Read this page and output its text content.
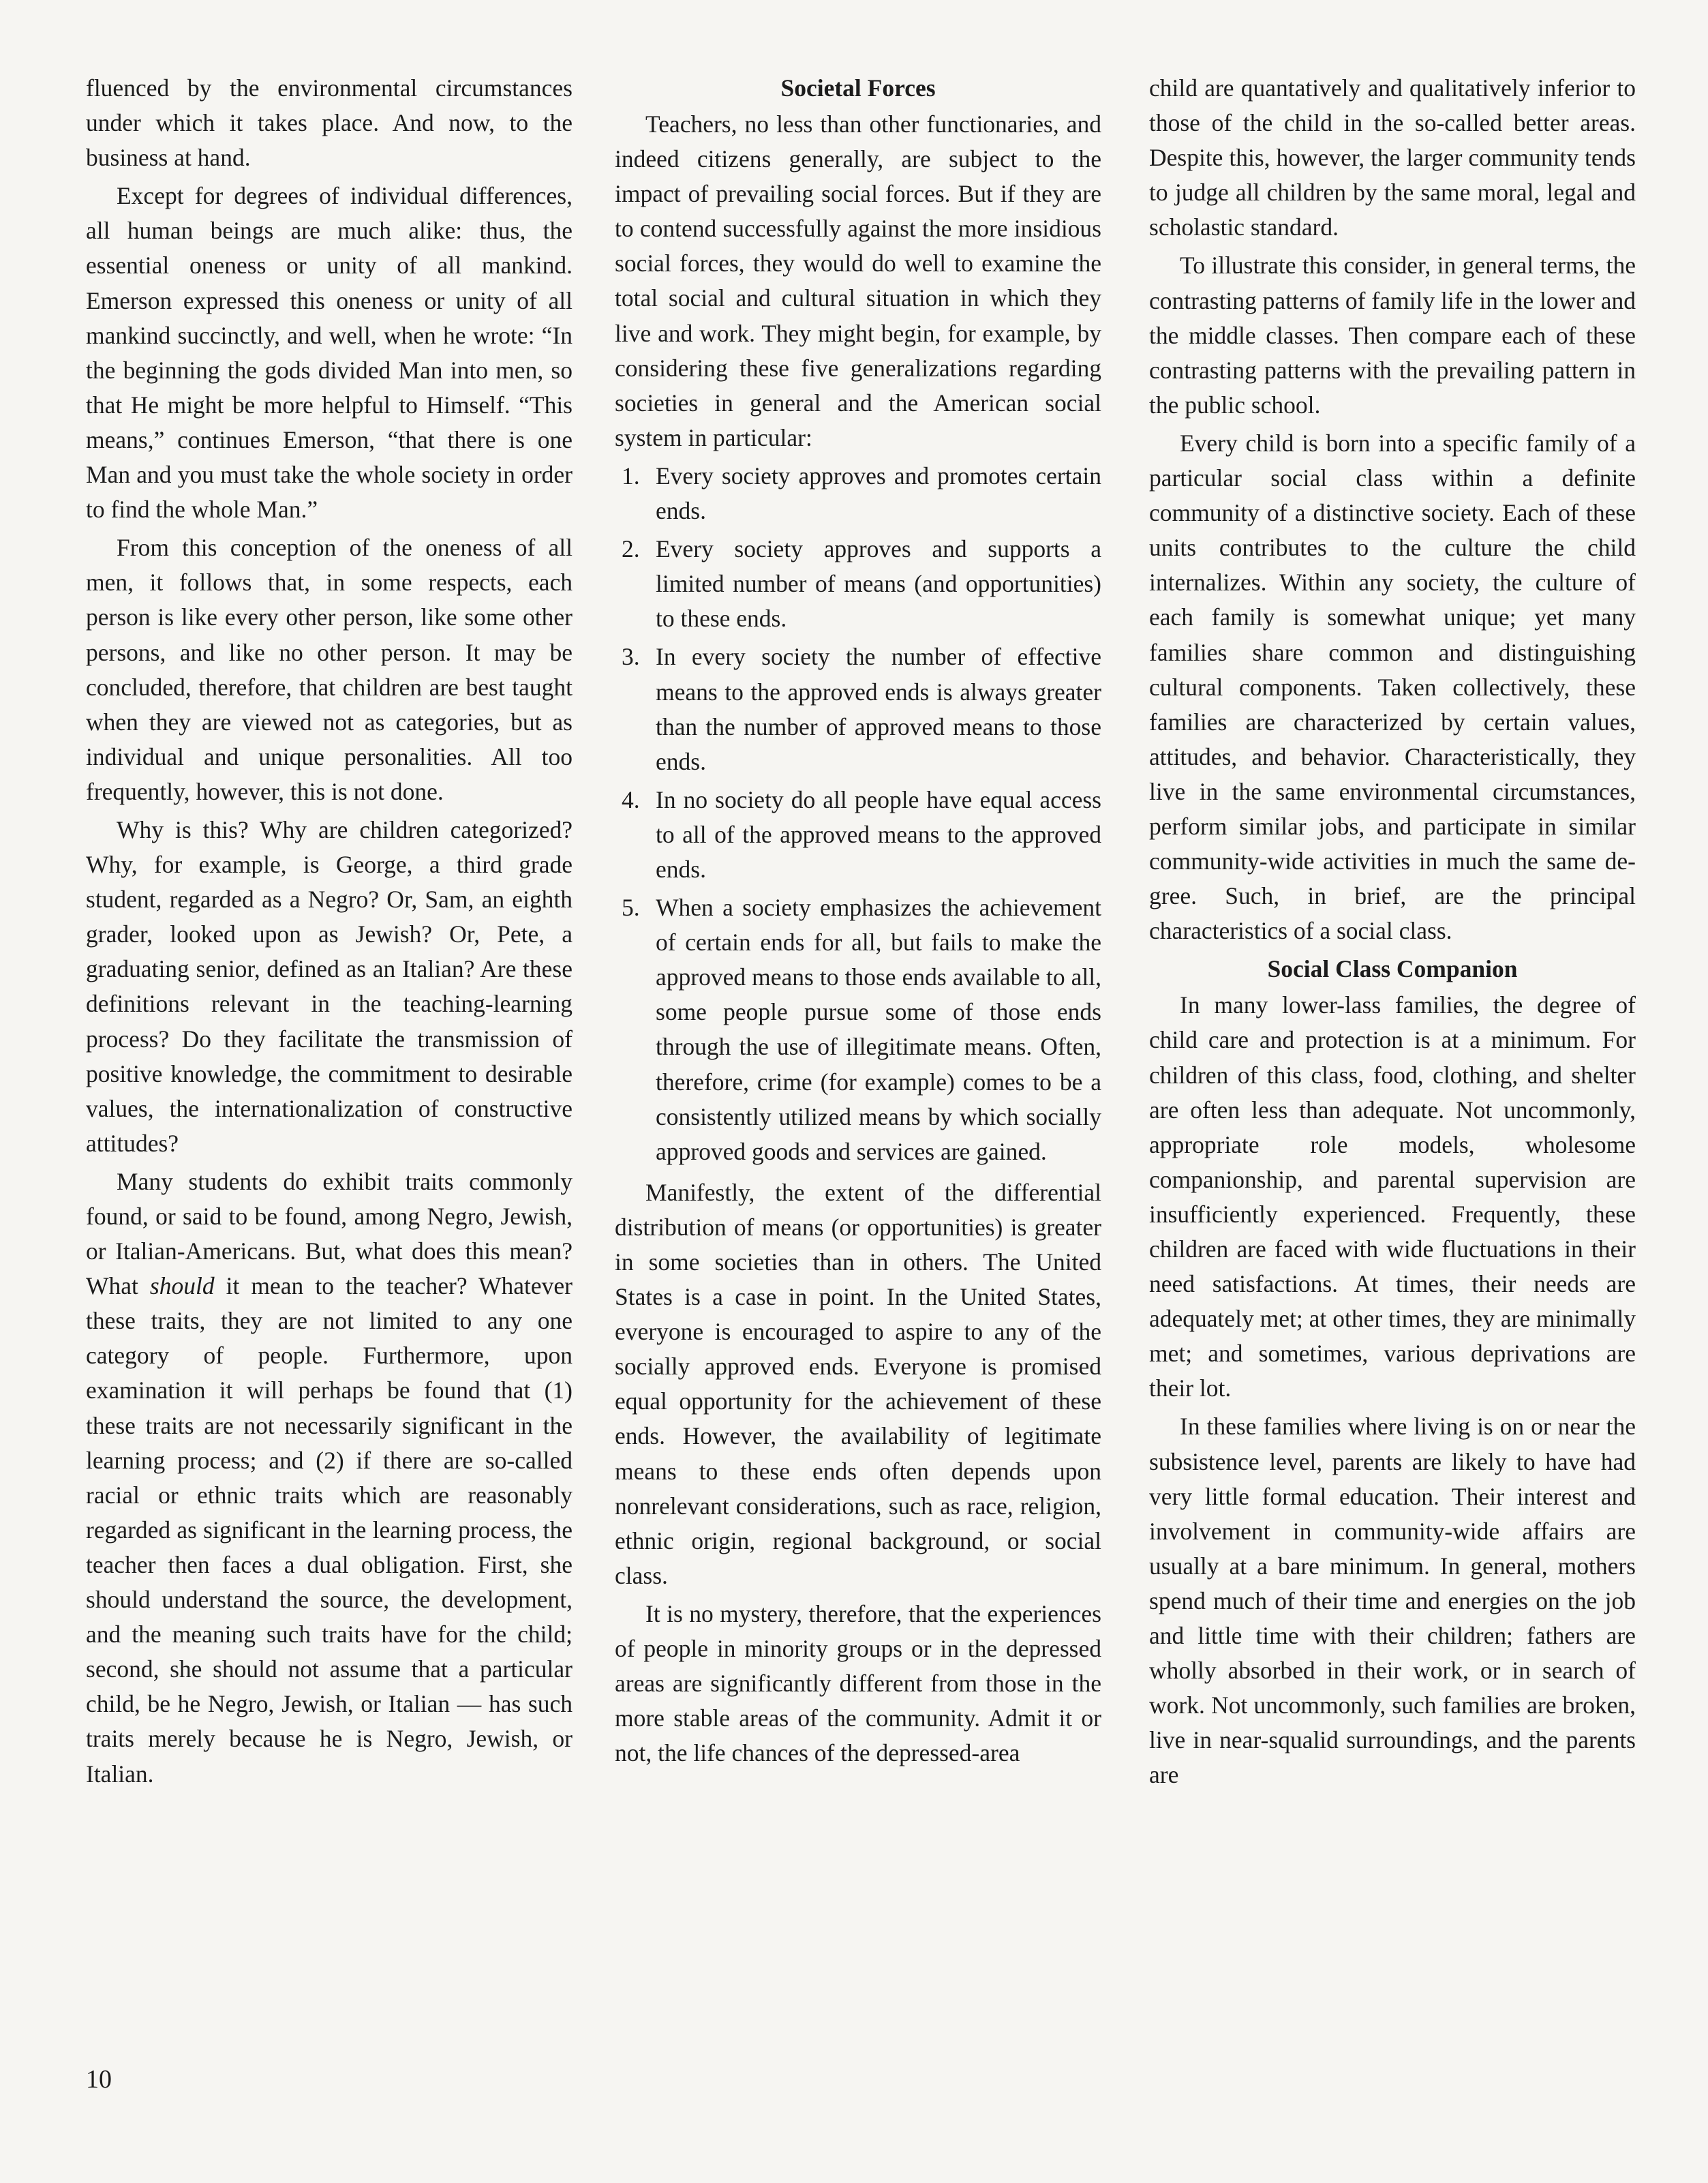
fluenced by the environmental circumstances under which it takes place. And now, to the business at hand.

Except for degrees of individual differences, all human beings are much alike: thus, the essential oneness or unity of all mankind. Emerson expressed this oneness or unity of all mankind succinctly, and well, when he wrote: “In the beginning the gods divided Man into men, so that He might be more helpful to Himself. “This means,” continues Emerson, “that there is one Man and you must take the whole society in order to find the whole Man.”

From this conception of the oneness of all men, it follows that, in some respects, each person is like every other person, like some other persons, and like no other person. It may be concluded, therefore, that children are best taught when they are viewed not as categories, but as individual and unique personalities. All too frequently, however, this is not done.

Why is this? Why are children categorized? Why, for example, is George, a third grade student, regarded as a Negro? Or, Sam, an eighth grader, looked upon as Jewish? Or, Pete, a graduating senior, defined as an Italian? Are these definitions relevant in the teaching-learning process? Do they facilitate the transmission of positive knowledge, the commitment to desirable values, the internationalization of constructive attitudes?

Many students do exhibit traits commonly found, or said to be found, among Negro, Jewish, or Italian-Americans. But, what does this mean? What should it mean to the teacher? Whatever these traits, they are not limited to any one category of people. Furthermore, upon examination it will perhaps be found that (1) these traits are not necessarily significant in the learning process; and (2) if there are so-called racial or ethnic traits which are reasonably regarded as significant in the learning process, the teacher then faces a dual obligation. First, she should understand the source, the development, and the meaning such traits have for the child; second, she should not assume that a particular child, be he Negro, Jewish, or Italian — has such traits merely because he is Negro, Jewish, or Italian.

Societal Forces

Teachers, no less than other functionaries, and indeed citizens generally, are subject to the impact of prevailing social forces. But if they are to contend successfully against the more insidious social forces, they would do well to examine the total social and cultural situation in which they live and work. They might begin, for example, by considering these five generalizations regarding societies in general and the American social system in particular:

1. Every society approves and promotes certain ends.
2. Every society approves and supports a limited number of means (and opportunities) to these ends.
3. In every society the number of effective means to the approved ends is always greater than the number of approved means to those ends.
4. In no society do all people have equal access to all of the approved means to the approved ends.
5. When a society emphasizes the achievement of certain ends for all, but fails to make the approved means to those ends available to all, some people pursue some of those ends through the use of illegitimate means. Often, therefore, crime (for example) comes to be a consistently utilized means by which socially approved goods and services are gained.

Manifestly, the extent of the differential distribution of means (or opportunities) is greater in some societies than in others. The United States is a case in point. In the United States, everyone is encouraged to aspire to any of the socially approved ends. Everyone is promised equal opportunity for the achievement of these ends. However, the availability of legitimate means to these ends often depends upon nonrelevant considerations, such as race, religion, ethnic origin, regional background, or social class.

It is no mystery, therefore, that the experiences of people in minority groups or in the depressed areas are significantly different from those in the more stable areas of the community. Admit it or not, the life chances of the depressed-area

child are quantatively and qualitatively inferior to those of the child in the so-called better areas. Despite this, however, the larger community tends to judge all children by the same moral, legal and scholastic standard.

To illustrate this consider, in general terms, the contrasting patterns of family life in the lower and the middle classes. Then compare each of these contrasting patterns with the prevailing pattern in the public school.

Every child is born into a specific family of a particular social class within a definite community of a distinctive society. Each of these units contributes to the culture the child internalizes. Within any society, the culture of each family is somewhat unique; yet many families share common and distinguishing cultural components. Taken collectively, these families are characterized by certain values, attitudes, and behavior. Characteristically, they live in the same environmental circumstances, perform similar jobs, and participate in similar community-wide activities in much the same degree. Such, in brief, are the principal characteristics of a social class.

Social Class Companion

In many lower-lass families, the degree of child care and protection is at a minimum. For children of this class, food, clothing, and shelter are often less than adequate. Not uncommonly, appropriate role models, wholesome companionship, and parental supervision are insufficiently experienced. Frequently, these children are faced with wide fluctuations in their need satisfactions. At times, their needs are adequately met; at other times, they are minimally met; and sometimes, various deprivations are their lot.

In these families where living is on or near the subsistence level, parents are likely to have had very little formal education. Their interest and involvement in community-wide affairs are usually at a bare minimum. In general, mothers spend much of their time and energies on the job and little time with their children; fathers are wholly absorbed in their work, or in search of work. Not uncommonly, such families are broken, live in near-squalid surroundings, and the parents are

10
